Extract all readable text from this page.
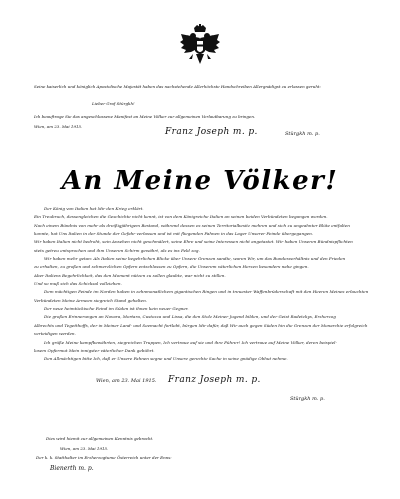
Seine kaiserlich und königlich Apostolische Majestät haben das nachstehende Allerhöchste Handschreiben Allergnädigst zu erlassen geruht:
Lieber Graf Stürgkh!
Ich beauftrage Sie das angeschlossene Manifest an Meine Völker zur allgemeinen Verlautbarung zu bringen.
Wien, am 23. Mai 1915.
Franz Joseph m. p.	Stürgkh m. p.
An Meine Völker!
Der König von Italien hat Mir den Krieg erklärt.
Ein Treubruch, dessengleichen die Geschichte nicht kennt, ist von dem Königreiche Italien an seinen beiden Verbündeten begangen worden.
Nach einem Bündnis von mehr als dreißigjährigem Bestand, während dessen es seinen Territorialbesitz mehren und sich zu ungeahnter Blüte entfalten
konnte, hat Uns Italien in der Stunde der Gefahr verlassen und ist mit fliegenden Fahnen in das Lager Unserer Feinde übergegangen.
Wir haben Italien nicht bedroht, sein Ansehen nicht geschmälert, seine Ehre und seine Interessen nicht angetastet. Wir haben Unseren Bündnispflichten
stets getreu entsprochen und ihm Unseren Schirm gewährt, als es ins Feld zog.
Wir haben mehr getan: Als Italien seine begehrlichen Blicke über Unsere Grenzen sandte, waren Wir, um das Bundesverhältnis und den Frieden
zu erhalten, zu großen und schmerzlichen Opfern entschlossen zu Opfern, die Unserem väterlichen Herzen besonders nahe gingen.
Aber Italiens Begehrlichkeit, das den Moment nützen zu sollen glaubte, war nicht zu stillen.
Und so muß sich das Schicksal vollziehen.
Dem mächtigen Feinde im Norden haben in zehnmonatlichem gigantischen Ringen und in treuester Waffenbrüderschaft mit den Heeren Meines erlauchten
Verbündeten Meine Armeen siegreich Stand gehalten.
Der neue heimtückische Feind im Süden ist ihnen kein neuer Gegner.
Die großen Erinnerungen an Novara, Mortara, Custozza und Lissa, die den Stolz Meiner Jugend bilden, und der Geist Radetzkys, Erzherzog
Albrechts und Tegetthoffs, der in Meiner Land- und Seemacht fortlebt, bürgen Mir dafür, daß Wir auch gegen Süden hin die Grenzen der Monarchie erfolgreich
verteidigen werden.
Ich grüße Meine kampfbewährten, siegreichen Truppen, Ich vertraue auf sie und ihre Führer! Ich vertraue auf Meine Völker, deren beispiel-
losem Opfermut Mein innigster väterlicher Dank gebührt.
Den Allmächtigen bitte Ich, daß er Unsere Fahnen segne und Unsere gerechte Sache in seine gnädige Obhut nehme.
Wien, am 23. Mai 1915. Franz Joseph m. p.
Stürgkh m. p.
Dies wird hiemit zur allgemeinen Kenntnis gebracht.
Wien, am 23. Mai 1915.
Der k. k. Statthalter im Erzherzogtume Österreich unter der Enns:
Bienerth m. p.
